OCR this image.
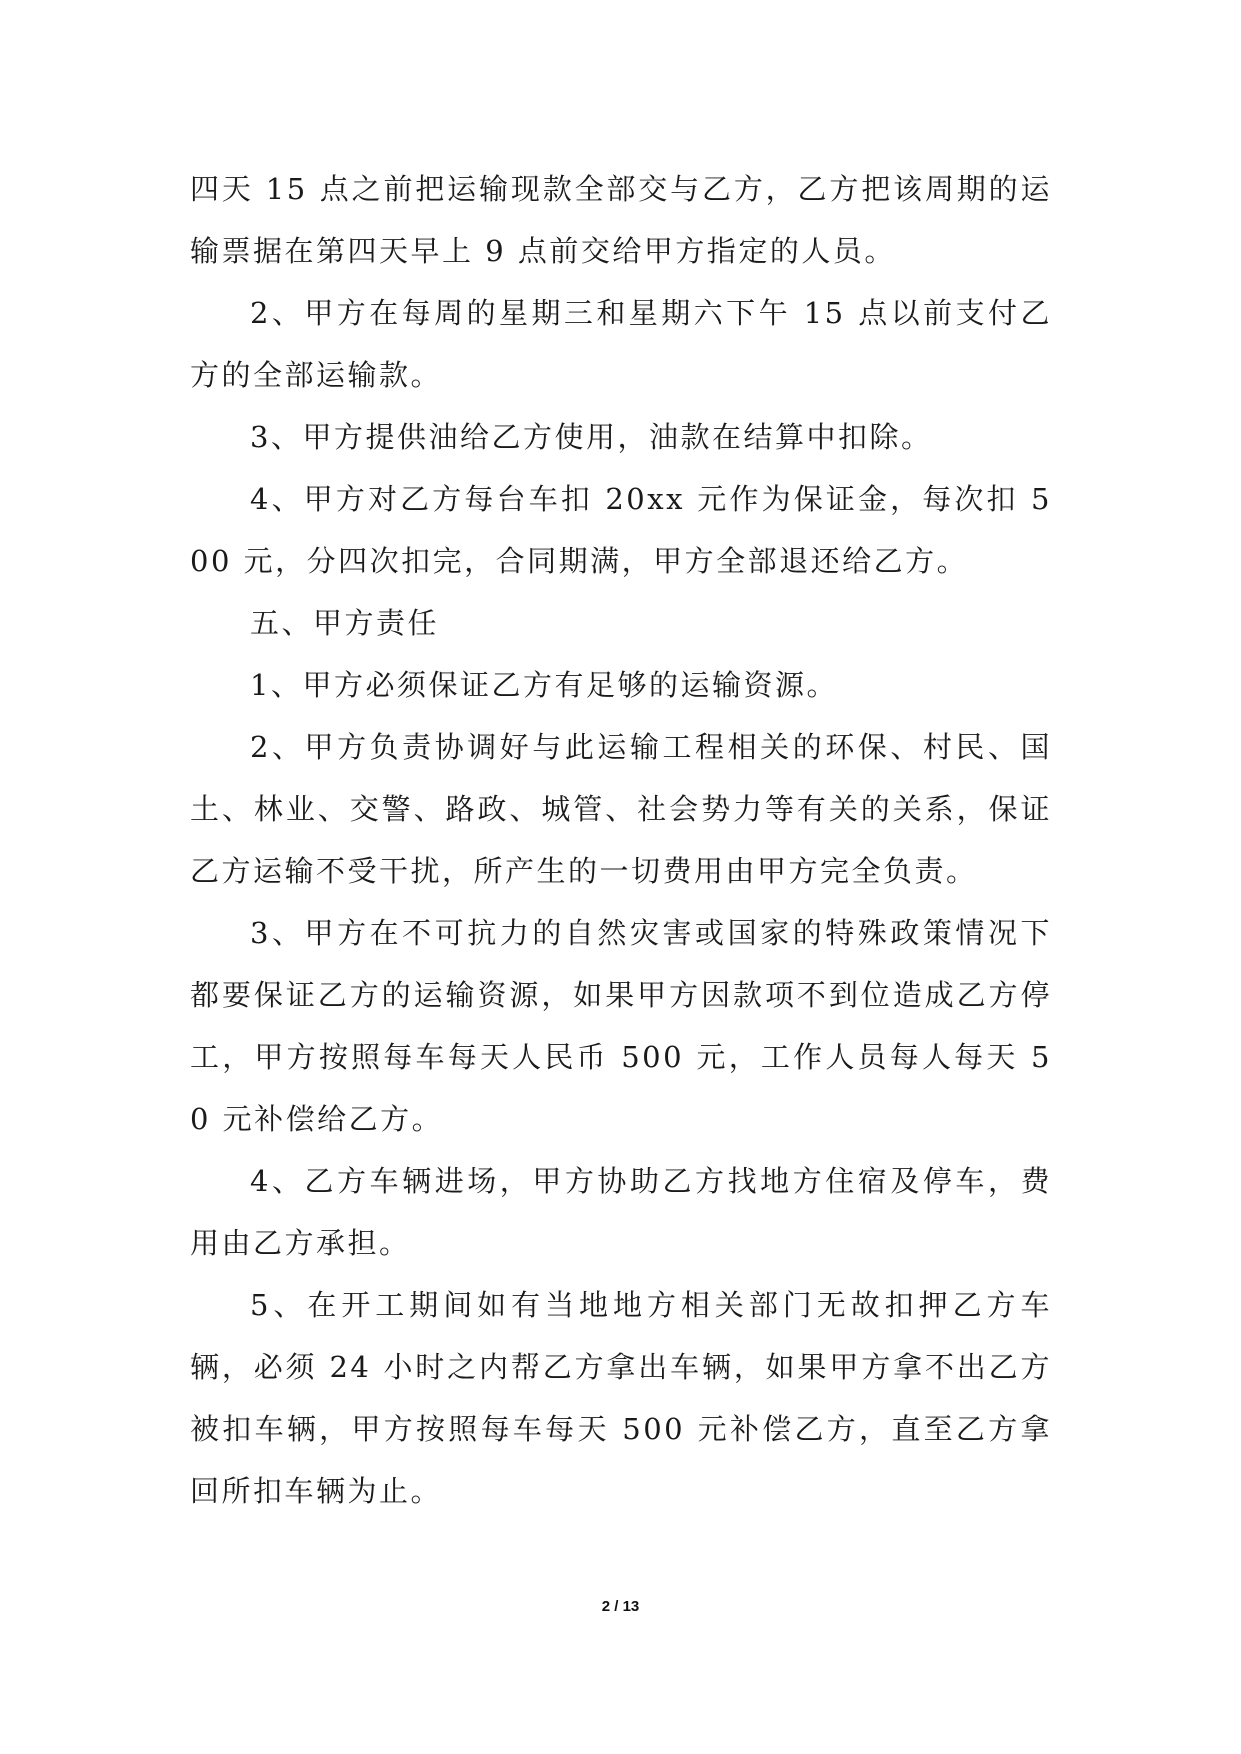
四天 15 点之前把运输现款全部交与乙方，乙方把该周期的运输票据在第四天早上 9 点前交给甲方指定的人员。

2、甲方在每周的星期三和星期六下午 15 点以前支付乙方的全部运输款。

3、甲方提供油给乙方使用，油款在结算中扣除。

4、甲方对乙方每台车扣 20xx 元作为保证金，每次扣 500 元，分四次扣完，合同期满，甲方全部退还给乙方。

五、甲方责任

1、甲方必须保证乙方有足够的运输资源。

2、甲方负责协调好与此运输工程相关的环保、村民、国土、林业、交警、路政、城管、社会势力等有关的关系，保证乙方运输不受干扰，所产生的一切费用由甲方完全负责。

3、甲方在不可抗力的自然灾害或国家的特殊政策情况下都要保证乙方的运输资源，如果甲方因款项不到位造成乙方停工，甲方按照每车每天人民币 500 元，工作人员每人每天 50 元补偿给乙方。

4、乙方车辆进场，甲方协助乙方找地方住宿及停车，费用由乙方承担。

5、在开工期间如有当地地方相关部门无故扣押乙方车辆，必须 24 小时之内帮乙方拿出车辆，如果甲方拿不出乙方被扣车辆，甲方按照每车每天 500 元补偿乙方，直至乙方拿回所扣车辆为止。

2 / 13
